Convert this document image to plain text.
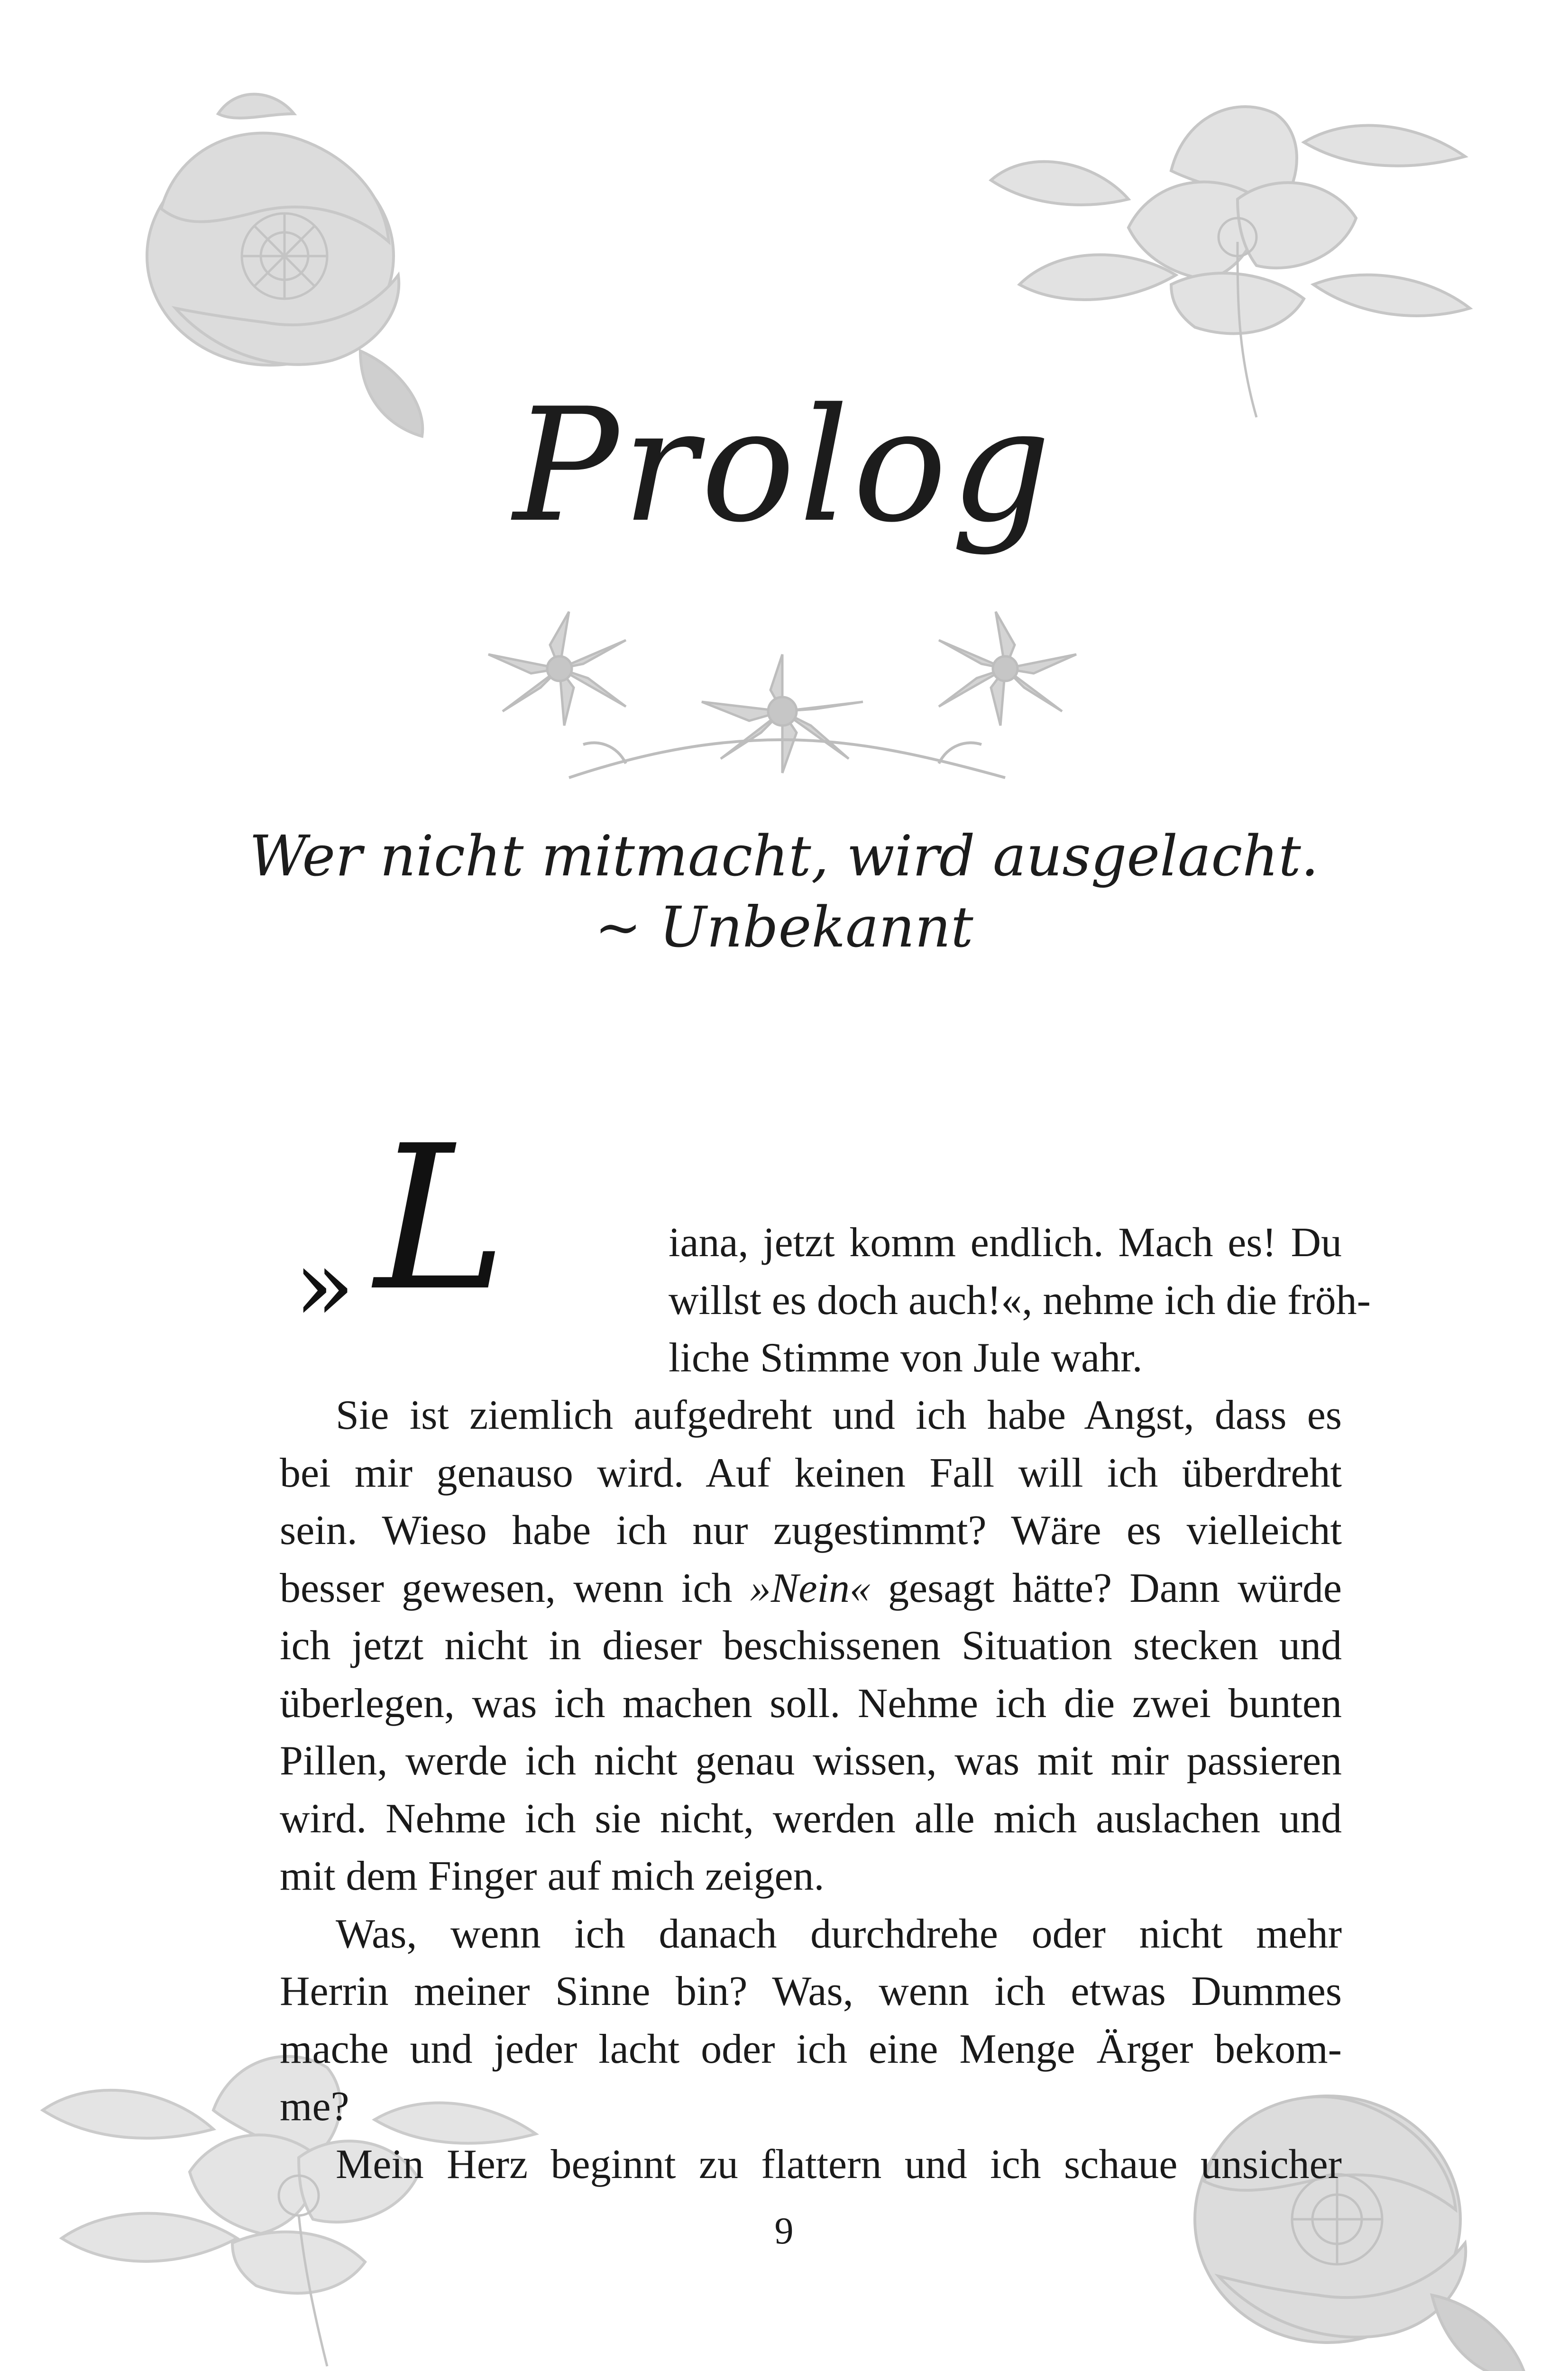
Prolog
Wer nicht mitmacht, wird ausgelacht.
~ Unbekannt
» L	iana, jetzt komm endlich. Mach es! Du
willst es doch auch!«, nehme ich die fröh-
liche Stimme von Jule wahr.
Sie ist ziemlich aufgedreht und ich habe Angst, dass es
bei mir genauso wird. Auf keinen Fall will ich überdreht
sein. Wieso habe ich nur zugestimmt? Wäre es vielleicht
besser gewesen, wenn ich »Nein« gesagt hätte? Dann würde
ich jetzt nicht in dieser beschissenen Situation stecken und
überlegen, was ich machen soll. Nehme ich die zwei bunten
Pillen, werde ich nicht genau wissen, was mit mir passieren
wird. Nehme ich sie nicht, werden alle mich auslachen und
mit dem Finger auf mich zeigen.
Was, wenn ich danach durchdrehe oder nicht mehr
Herrin meiner Sinne bin? Was, wenn ich etwas Dummes
mache und jeder lacht oder ich eine Menge Ärger bekom-
me?
Mein Herz beginnt zu flattern und ich schaue unsicher
9
